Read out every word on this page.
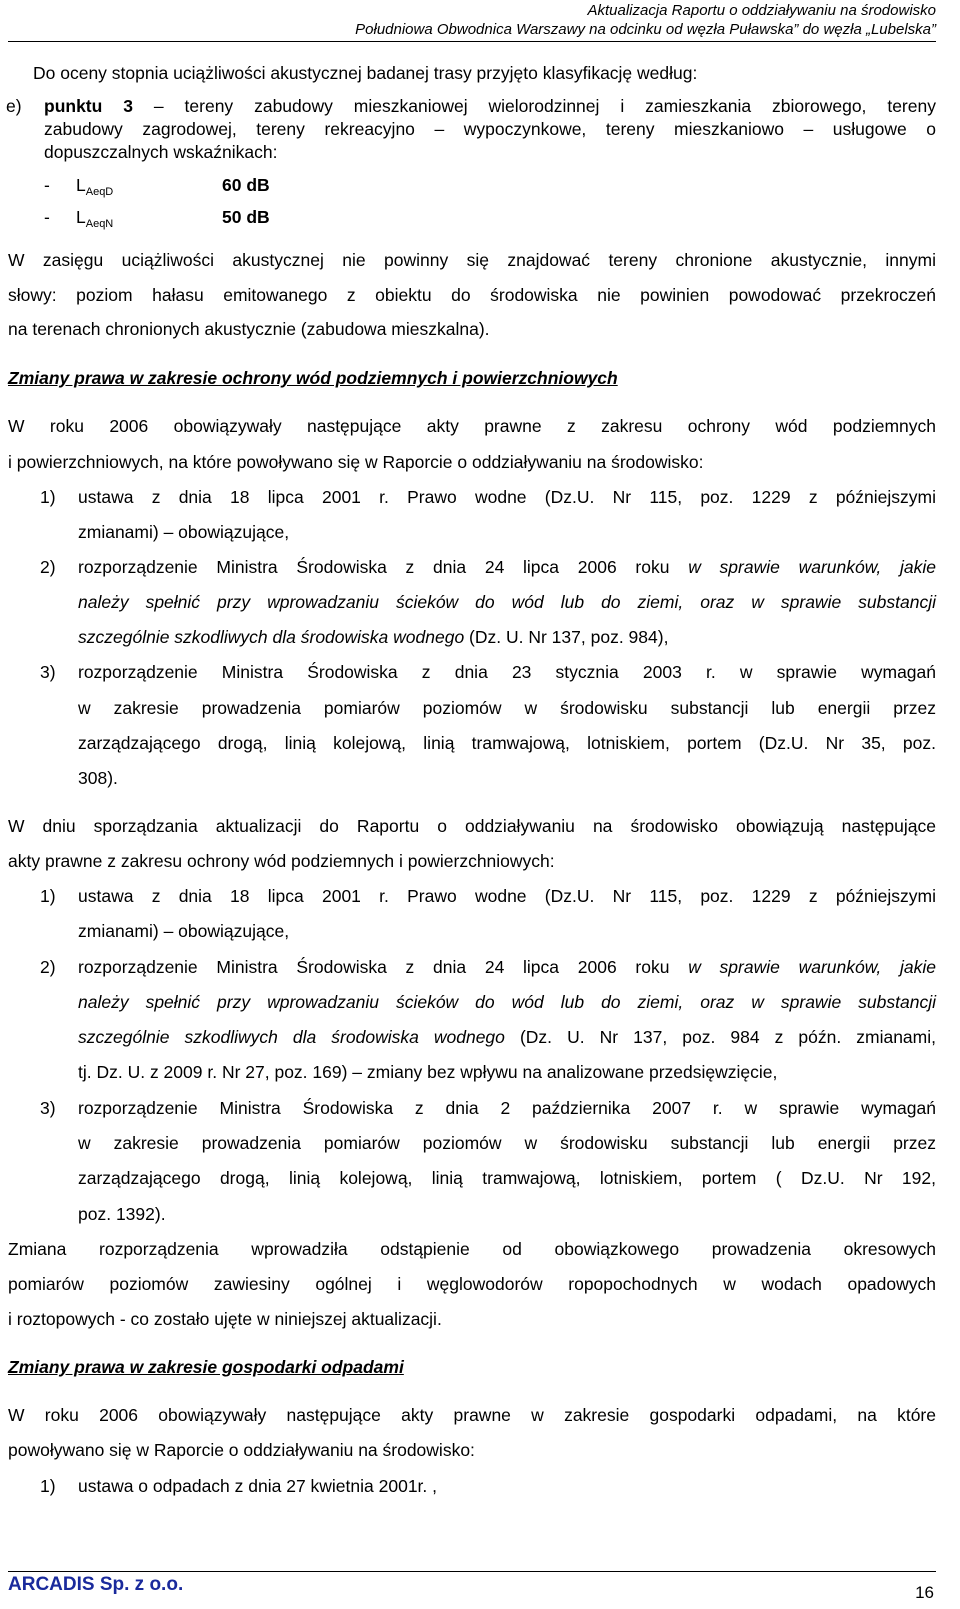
Aktualizacja Raportu o oddziaływaniu na środowisko
Południowa Obwodnica Warszawy na odcinku od węzła Puławska” do węzła „Lubelska”
Do oceny stopnia uciążliwości akustycznej badanej trasy przyjęto klasyfikację według:
e) punktu 3 – tereny zabudowy mieszkaniowej wielorodzinnej i zamieszkania zbiorowego, tereny
zabudowy zagrodowej, tereny rekreacyjno – wypoczynkowe, tereny mieszkaniowo – usługowe o
dopuszczalnych wskaźnikach:
- $L_{AeqD}$	60 dB
- $L_{AeqN}$	50 dB
W zasięgu uciążliwości akustycznej nie powinny się znajdować tereny chronione akustycznie, innymi
słowy: poziom hałasu emitowanego z obiektu do środowiska nie powinien powodować przekroczeń
na terenach chronionych akustycznie (zabudowa mieszkalna).
Zmiany prawa w zakresie ochrony wód podziemnych i powierzchniowych
W roku 2006 obowiązywały następujące akty prawne z zakresu ochrony wód podziemnych
i powierzchniowych, na które powoływano się w Raporcie o oddziaływaniu na środowisko:
1) ustawa z dnia 18 lipca 2001 r. Prawo wodne (Dz.U. Nr 115, poz. 1229 z późniejszymi
zmianami) – obowiązujące,
2) rozporządzenie Ministra Środowiska z dnia 24 lipca 2006 roku w sprawie warunków, jakie
należy spełnić przy wprowadzaniu ścieków do wód lub do ziemi, oraz w sprawie substancji
szczególnie szkodliwych dla środowiska wodnego (Dz. U. Nr 137, poz. 984),
3) rozporządzenie Ministra Środowiska z dnia 23 stycznia 2003 r. w sprawie wymagań
w zakresie prowadzenia pomiarów poziomów w środowisku substancji lub energii przez
zarządzającego drogą, linią kolejową, linią tramwajową, lotniskiem, portem (Dz.U. Nr 35, poz.
308).
W dniu sporządzania aktualizacji do Raportu o oddziaływaniu na środowisko obowiązują następujące
akty prawne z zakresu ochrony wód podziemnych i powierzchniowych:
1) ustawa z dnia 18 lipca 2001 r. Prawo wodne (Dz.U. Nr 115, poz. 1229 z późniejszymi
zmianami) – obowiązujące,
2) rozporządzenie Ministra Środowiska z dnia 24 lipca 2006 roku w sprawie warunków, jakie
należy spełnić przy wprowadzaniu ścieków do wód lub do ziemi, oraz w sprawie substancji
szczególnie szkodliwych dla środowiska wodnego (Dz. U. Nr 137, poz. 984 z późn. zmianami,
tj. Dz. U. z 2009 r. Nr 27, poz. 169) – zmiany bez wpływu na analizowane przedsięwzięcie,
3) rozporządzenie Ministra Środowiska z dnia 2 października 2007 r. w sprawie wymagań
w zakresie prowadzenia pomiarów poziomów w środowisku substancji lub energii przez
zarządzającego drogą, linią kolejową, linią tramwajową, lotniskiem, portem ( Dz.U. Nr 192,
poz. 1392).
Zmiana rozporządzenia wprowadziła odstąpienie od obowiązkowego prowadzenia okresowych
pomiarów poziomów zawiesiny ogólnej i węglowodorów ropopochodnych w wodach opadowych
i roztopowych - co zostało ujęte w niniejszej aktualizacji.
Zmiany prawa w zakresie gospodarki odpadami
W roku 2006 obowiązywały następujące akty prawne w zakresie gospodarki odpadami, na które
powoływano się w Raporcie o oddziaływaniu na środowisko:
1) ustawa o odpadach z dnia 27 kwietnia 2001r. ,
ARCADIS Sp. z o.o.	16
